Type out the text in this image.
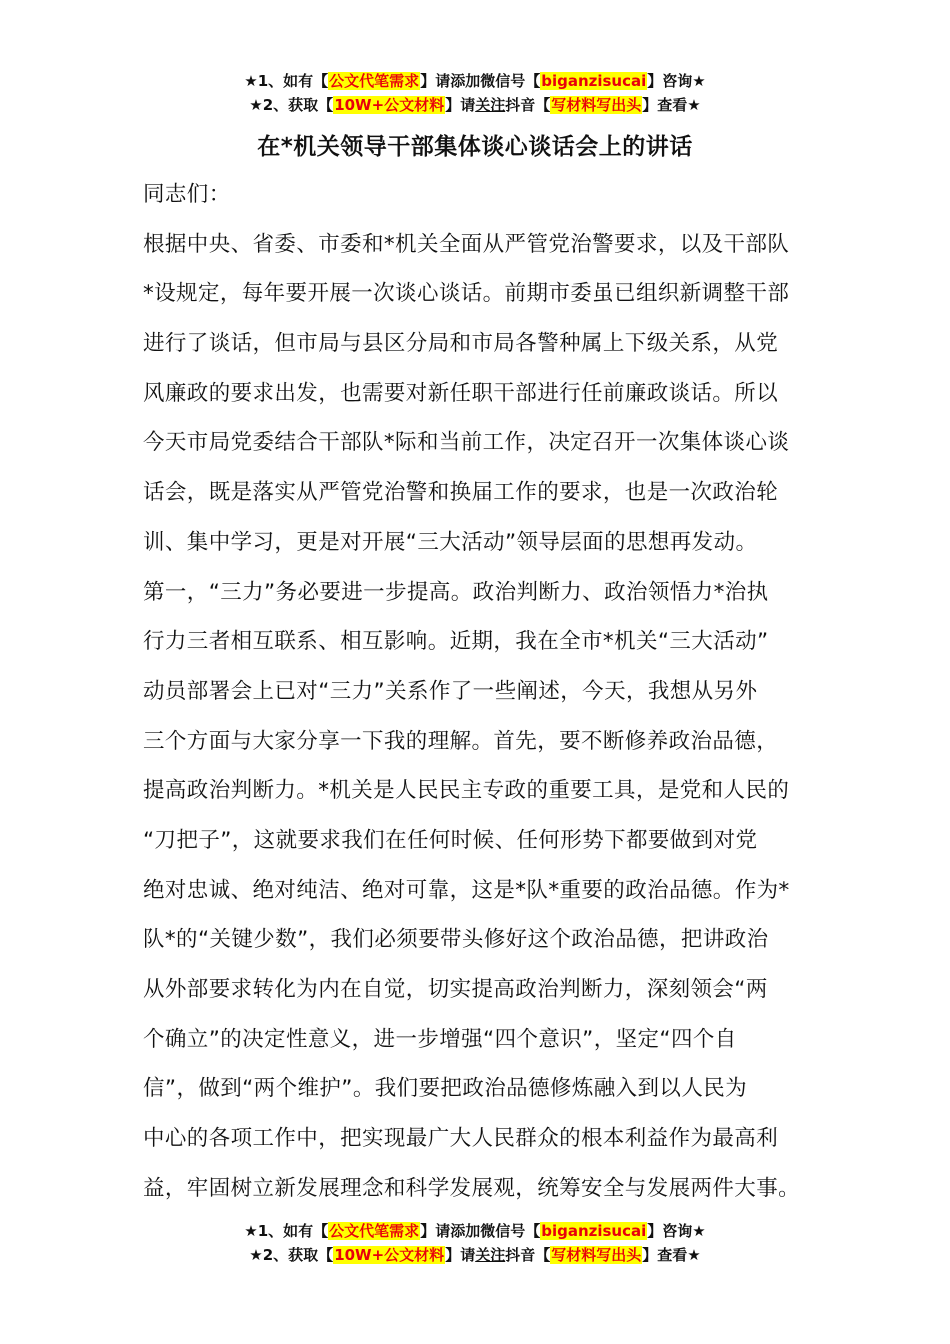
★1、如有【公文代笔需求】请添加微信号【biganzisucai】咨询★
★2、获取【10W+公文材料】请关注抖音【写材料写出头】查看★
在*机关领导干部集体谈心谈话会上的讲话
同志们：
根据中央、省委、市委和*机关全面从严管党治警要求，以及干部队
*设规定，每年要开展一次谈心谈话。前期市委虽已组织新调整干部
进行了谈话，但市局与县区分局和市局各警种属上下级关系，从党
风廉政的要求出发，也需要对新任职干部进行任前廉政谈话。所以
今天市局党委结合干部队*际和当前工作，决定召开一次集体谈心谈
话会，既是落实从严管党治警和换届工作的要求，也是一次政治轮
训、集中学习，更是对开展“三大活动”领导层面的思想再发动。
第一，“三力”务必要进一步提高。政治判断力、政治领悟力*治执
行力三者相互联系、相互影响。近期，我在全市*机关“三大活动”
动员部署会上已对“三力”关系作了一些阐述，今天，我想从另外
三个方面与大家分享一下我的理解。首先，要不断修养政治品德，
提高政治判断力。*机关是人民民主专政的重要工具，是党和人民的
“刀把子”，这就要求我们在任何时候、任何形势下都要做到对党
绝对忠诚、绝对纯洁、绝对可靠，这是*队*重要的政治品德。作为*
队*的“关键少数”，我们必须要带头修好这个政治品德，把讲政治
从外部要求转化为内在自觉，切实提高政治判断力，深刻领会“两
个确立”的决定性意义，进一步增强“四个意识”，坚定“四个自
信”，做到“两个维护”。我们要把政治品德修炼融入到以人民为
中心的各项工作中，把实现最广大人民群众的根本利益作为最高利
益，牢固树立新发展理念和科学发展观，统筹安全与发展两件大事。
★1、如有【公文代笔需求】请添加微信号【biganzisucai】咨询★
★2、获取【10W+公文材料】请关注抖音【写材料写出头】查看★
